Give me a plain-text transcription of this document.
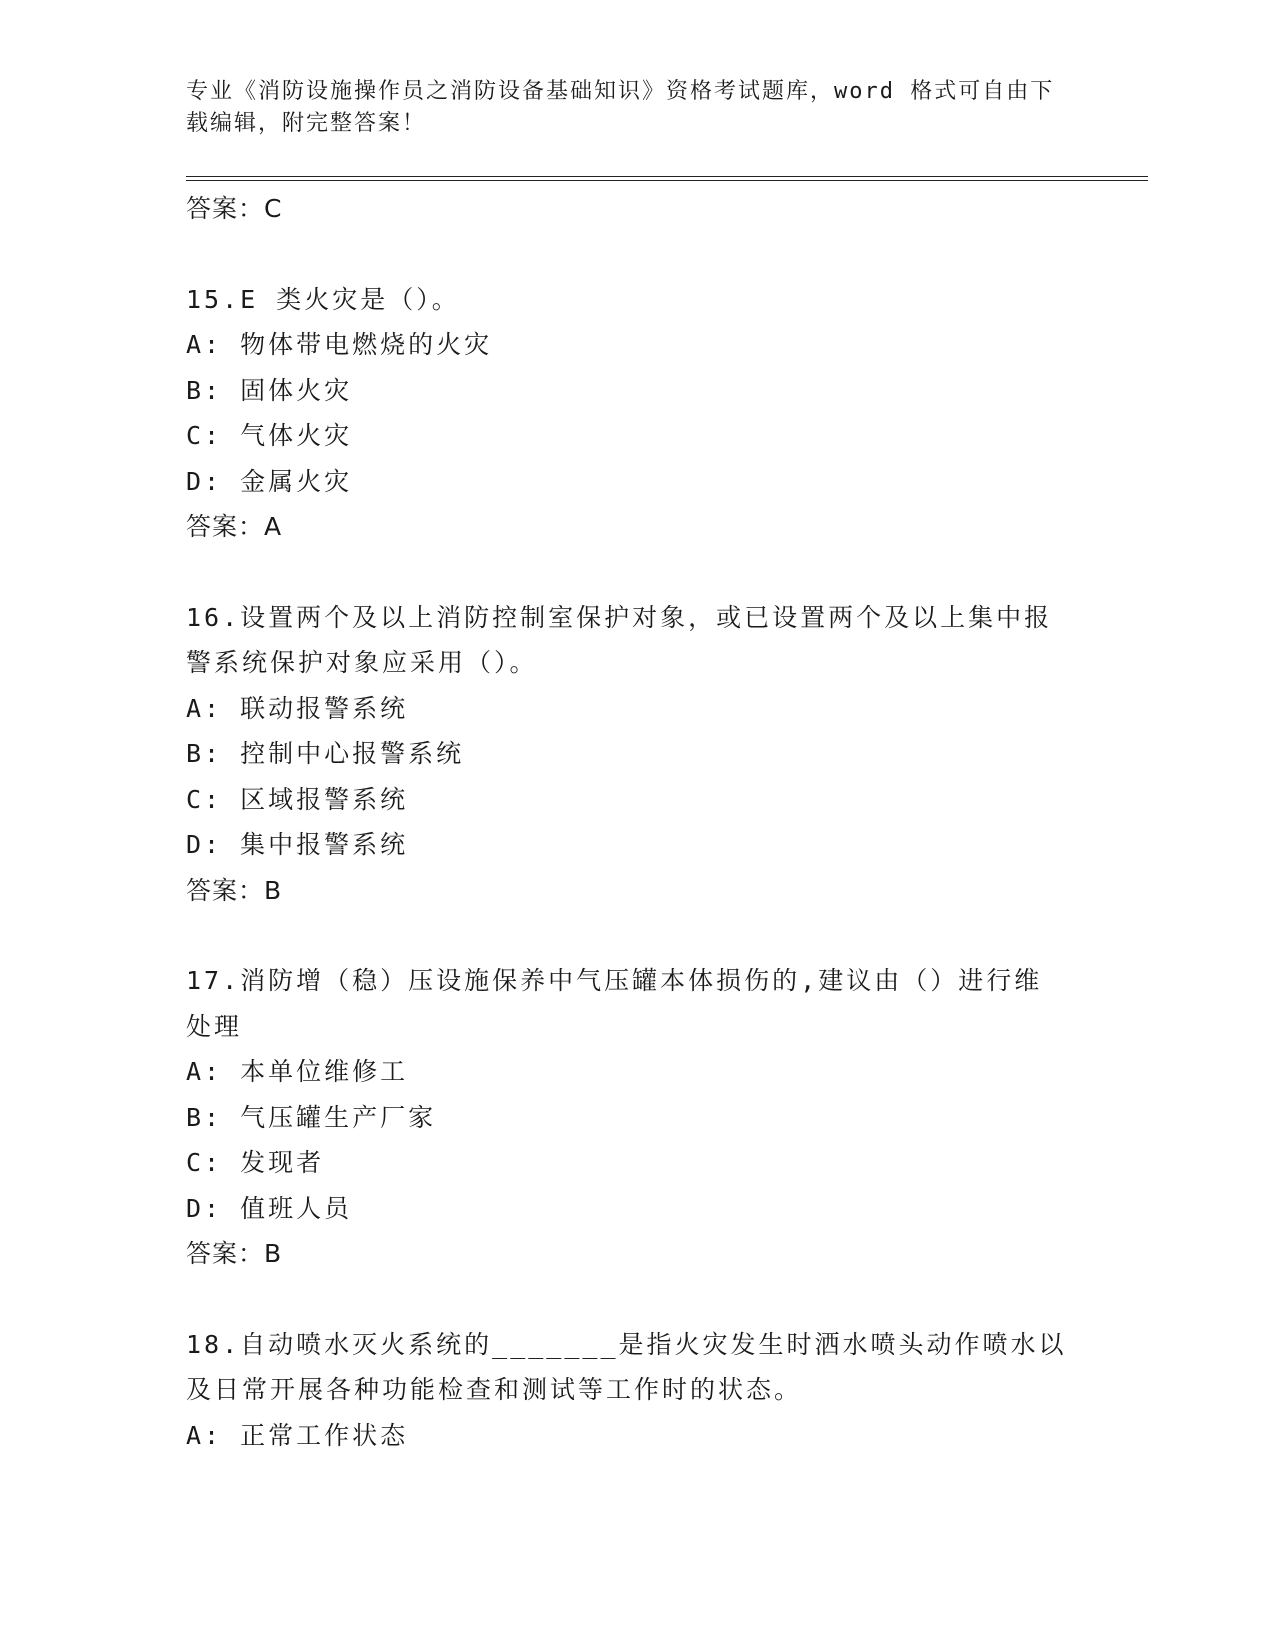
专业《消防设施操作员之消防设备基础知识》资格考试题库，word 格式可自由下
载编辑，附完整答案！
答案：C
15.E 类火灾是（）。
A: 物体带电燃烧的火灾
B: 固体火灾
C: 气体火灾
D: 金属火灾
答案：A
16.设置两个及以上消防控制室保护对象，或已设置两个及以上集中报
警系统保护对象应采用（）。
A: 联动报警系统
B: 控制中心报警系统
C: 区域报警系统
D: 集中报警系统
答案：B
17.消防增（稳）压设施保养中气压罐本体损伤的,建议由（）进行维
处理
A: 本单位维修工
B: 气压罐生产厂家
C: 发现者
D: 值班人员
答案：B
18.自动喷水灭火系统的_______是指火灾发生时洒水喷头动作喷水以
及日常开展各种功能检查和测试等工作时的状态。
A: 正常工作状态
